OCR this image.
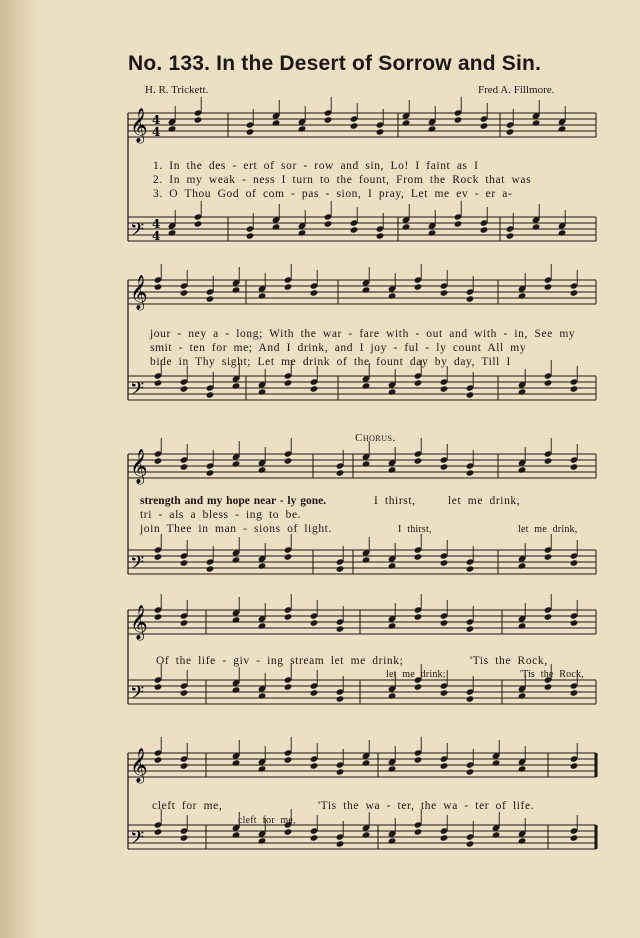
No. 133. In the Desert of Sorrow and Sin.
H. R. Trickett.	Fred A. Fillmore.
𝄞 4
4
𝄢 4
4
1. In the des - ert of sor - row and sin, Lo! I faint as I
2. In my weak - ness I turn to the fount, From the Rock that was
3. O Thou God of com - pas - sion, I pray, Let me ev - er a-
𝄞
𝄢
jour - ney a - long; With the war - fare with - out and with - in, See my
smit - ten for me; And I drink, and I joy - ful - ly count All my
bide in Thy sight; Let me drink of the fount day by day, Till I
Chorus.
𝄞
𝄢
strength and my hope near - ly gone.
tri - als a bless - ing to be.
join Thee in man - sions of light.
I thirst,	let me drink,
I thirst,	let me drink,
𝄞
𝄢
Of the life - giv - ing stream let me drink;	'Tis the Rock,
let me drink;	'Tis the Rock,
𝄞
𝄢
cleft for me,	'Tis the wa - ter, the wa - ter of life.
cleft for me,
